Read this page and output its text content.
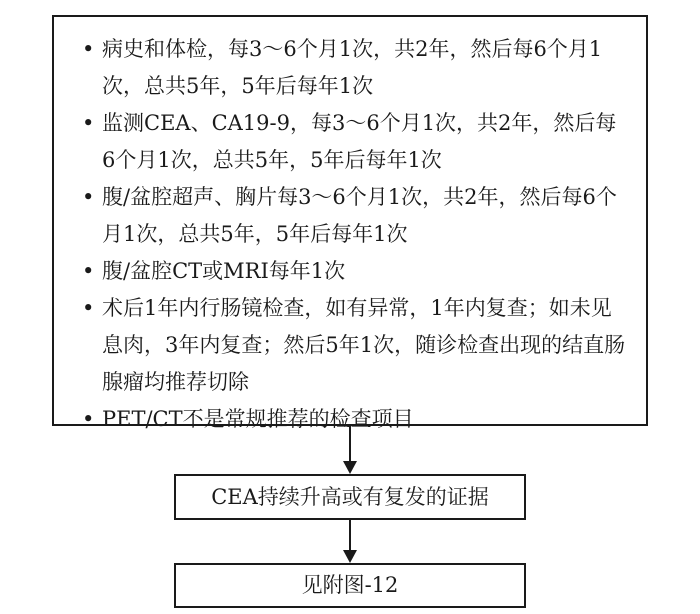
• 病史和体检，每3～6个月1次，共2年，然后每6个月1次，总共5年，5年后每年1次
• 监测CEA、CA19-9，每3～6个月1次，共2年，然后每6个月1次，总共5年，5年后每年1次
• 腹/盆腔超声、胸片每3～6个月1次，共2年，然后每6个月1次，总共5年，5年后每年1次
• 腹/盆腔CT或MRI每年1次
• 术后1年内行肠镜检查，如有异常，1年内复查；如未见息肉，3年内复查；然后5年1次，随诊检查出现的结直肠腺瘤均推荐切除
• PET/CT不是常规推荐的检查项目
CEA持续升高或有复发的证据
见附图-12
